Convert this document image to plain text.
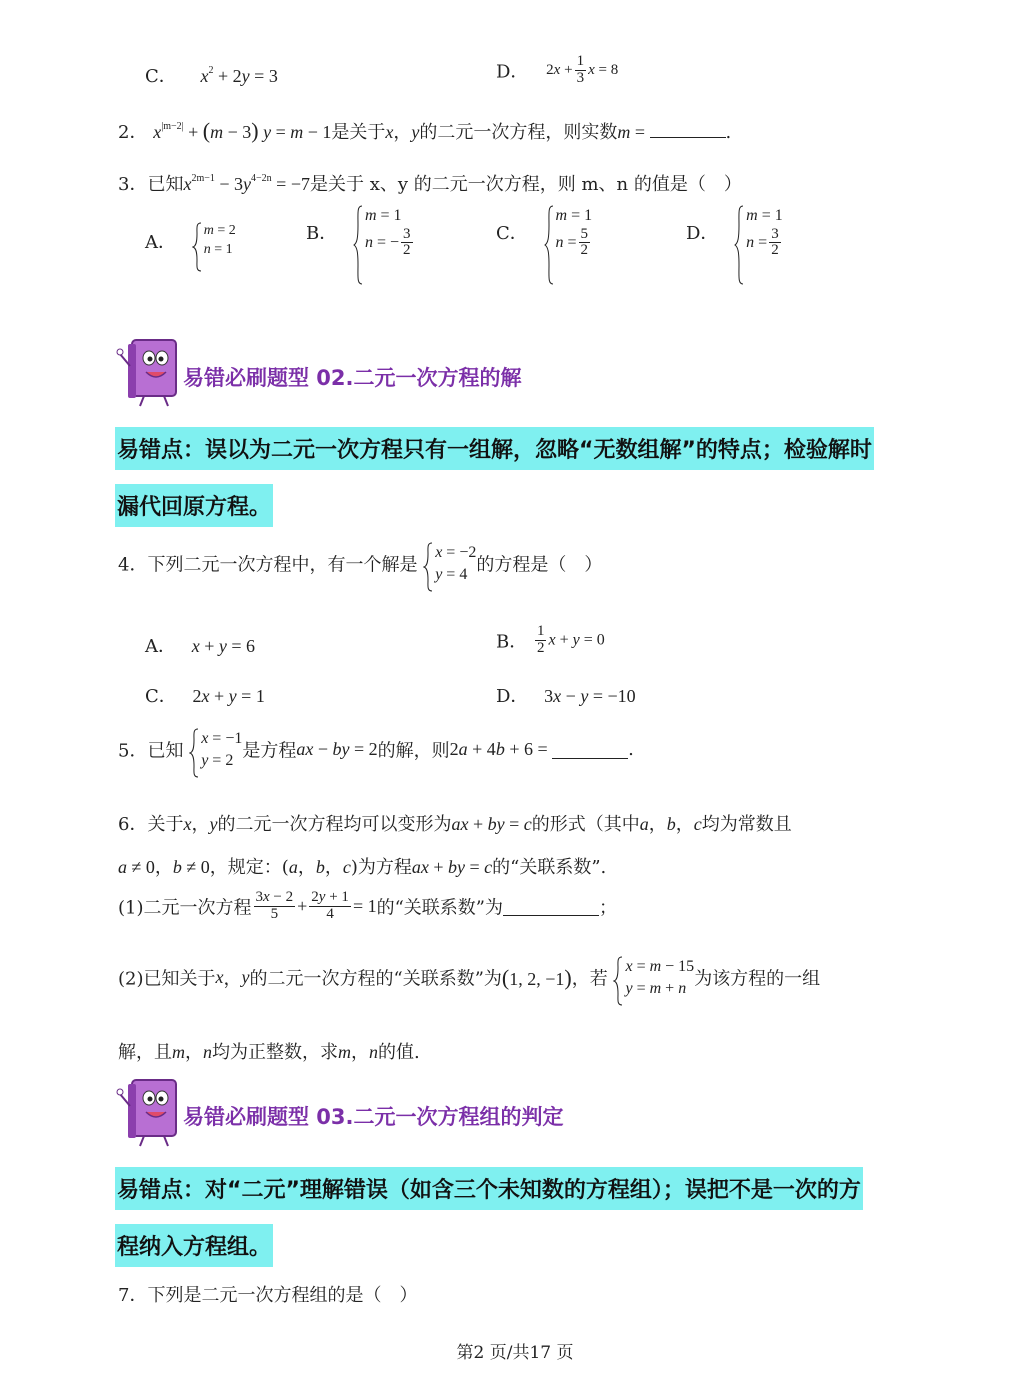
C． $x^2 + 2y = 3$	D． $2x + \frac{1}{3}$ x = 8
2． $x^{|m-2|} + (m - 3) y = m - 1$是关于x，y的二元一次方程，则实数m =	.
3．已知$x^{2m-1} - 3y^{4-2n} = -7$是关于 x、y 的二元一次方程，则 m、n 的值是（　）
A．
m = 2
n = 1
B．
m = 1
n = − $\frac{3}{2}$	C．
m = 1
$n = \frac{5}{2}$	D．
m = 1
$n = \frac{3}{2}$
易错必刷题型 02.二元一次方程的解
易错点：误以为二元一次方程只有一组解，忽略“无数组解”的特点；检验解时
漏代回原方程。
4．下列二元一次方程中，有一个解是
x = −2
y = 4 的方程是（　）
A． x + y = 6	B． $\frac{1}{2}$ x + y = 0
C． 2x + y = 1	D． 3x − y = −10
5．已知
x = −1
y = 2 是方程ax − by = 2的解，则2a + 4b + 6 =	.
6．关于x，y的二元一次方程均可以变形为ax + by = c的形式（其中a，b，c均为常数且
a ≠ 0，b ≠ 0，规定：(a，b，c)为方程ax + by = c的“关联系数”.
(1)二元一次方程 $\frac{3x - 2}{5} + \frac{2y + 1}{4} = 1$的“关联系数”为	；
(2)已知关于x，y的二元一次方程的“关联系数”为(1, 2, −1)，若
x = m − 15
y = m + n 为该方程的一组
解，且m，n均为正整数，求m，n的值.
易错必刷题型 03.二元一次方程组的判定
易错点：对“二元”理解错误（如含三个未知数的方程组）；误把不是一次的方
程纳入方程组。
7．下列是二元一次方程组的是（　）
第2 页/共17 页
